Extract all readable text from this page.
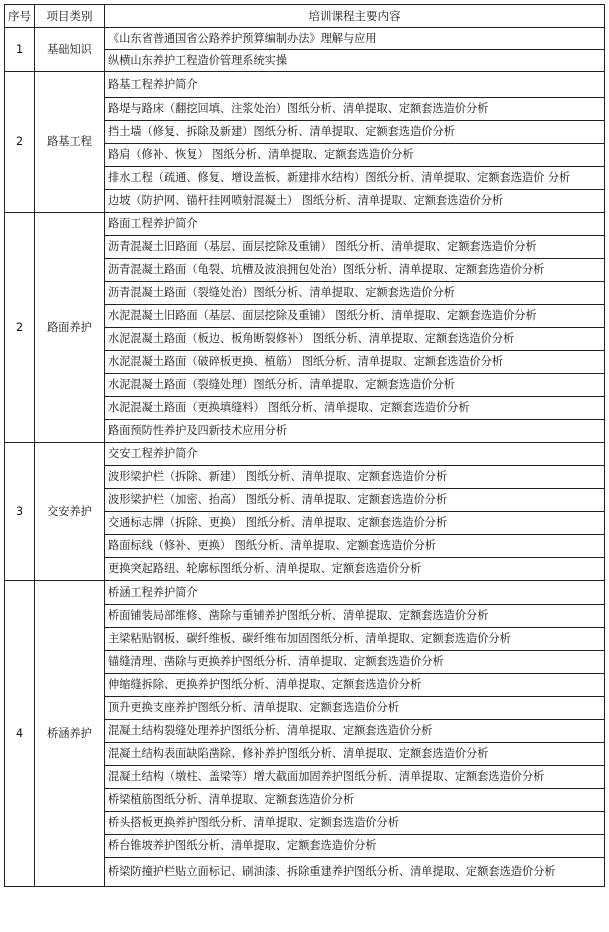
序号	项目类别	培训课程主要内容
1	基础知识	《山东省普通国省公路养护预算编制办法》理解与应用
		纵横山东养护工程造价管理系统实操
2	路基工程	路基工程养护简介
		路堤与路床（翻挖回填、注浆处治）图纸分析、清单提取、定额套选造价分析
		挡土墙（修复、拆除及新建）图纸分析、清单提取、定额套选造价分析
		路肩（修补、恢复） 图纸分析、清单提取、定额套选造价分析
		排水工程（疏通、修复、增设盖板、新建排水结构）图纸分析、清单提取、定额套选造价 分析
		边坡（防护网、锚杆挂网喷射混凝土） 图纸分析、清单提取、定额套选造价分析
2	路面养护	路面工程养护简介
		沥青混凝土旧路面（基层、面层挖除及重铺） 图纸分析、清单提取、定额套选造价分析
		沥青混凝土路面（龟裂、坑槽及波浪拥包处治）图纸分析、清单提取、定额套选造价分析
		沥青混凝土路面（裂缝处治）图纸分析、清单提取、定额套选造价分析
		水泥混凝土旧路面（基层、面层挖除及重铺） 图纸分析、清单提取、定额套选造价分析
		水泥混凝土路面（板边、板角断裂修补） 图纸分析、清单提取、定额套选造价分析
		水泥混凝土路面（破碎板更换、植筋） 图纸分析、清单提取、定额套选造价分析
		水泥混凝土路面（裂缝处理）图纸分析、清单提取、定额套选造价分析
		水泥混凝土路面（更换填缝料） 图纸分析、清单提取、定额套选造价分析
		路面预防性养护及四新技术应用分析
3	交安养护	交安工程养护简介
		波形梁护栏（拆除、新建） 图纸分析、清单提取、定额套选造价分析
		波形梁护栏（加密、抬高） 图纸分析、清单提取、定额套选造价分析
		交通标志牌（拆除、更换） 图纸分析、清单提取、定额套选造价分析
		路面标线（修补、更换） 图纸分析、清单提取、定额套选造价分析
		更换突起路纽、轮廓标图纸分析、清单提取、定额套选造价分析
4	桥涵养护	桥涵工程养护简介
		桥面铺装局部维修、凿除与重铺养护图纸分析、清单提取、定额套选造价分析
		主梁粘贴钢板、碳纤维板、碳纤维布加固图纸分析、清单提取、定额套选造价分析
		锚缝清理、凿除与更换养护图纸分析、清单提取、定额套选造价分析
		伸缩缝拆除、更换养护图纸分析、清单提取、定额套选造价分析
		顶升更换支座养护图纸分析、清单提取、定额套选造价分析
		混凝土结构裂缝处理养护图纸分析、清单提取、定额套选造价分析
		混凝土结构表面缺陷凿除、修补养护图纸分析、清单提取、定额套选造价分析
		混凝土结构（墩柱、盖梁等）增大截面加固养护图纸分析、清单提取、定额套选造价分析
		桥梁植筋图纸分析、清单提取、定额套选造价分析
		桥头搭板更换养护图纸分析、清单提取、定额套选造价分析
		桥台锥坡养护图纸分析、清单提取、定额套选造价分析
		桥梁防撞护栏贴立面标记、刷油漆、拆除重建养护图纸分析、清单提取、定额套选造价分析
